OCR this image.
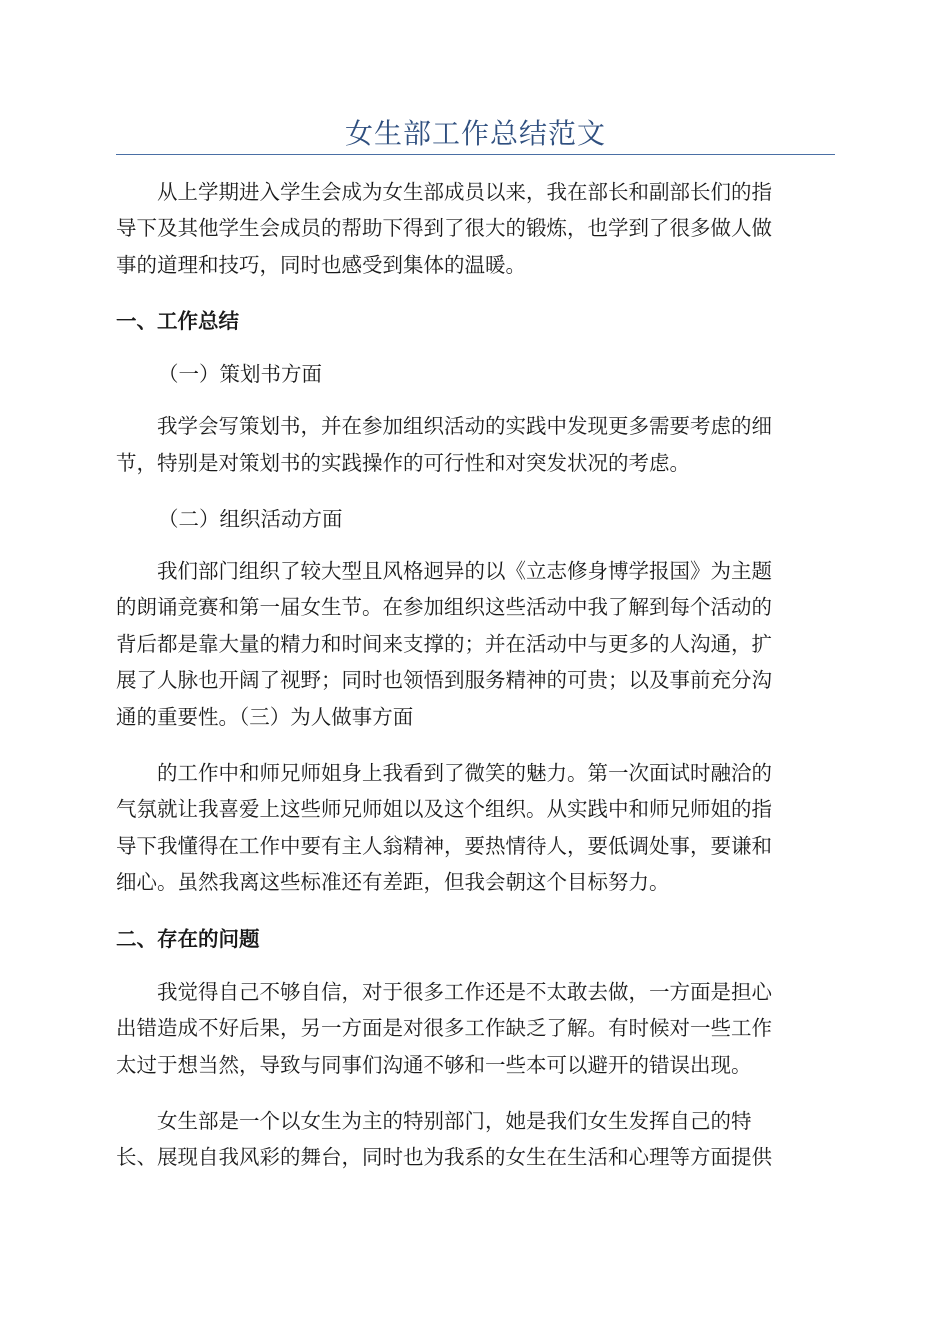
女生部工作总结范文

从上学期进入学生会成为女生部成员以来，我在部长和副部长们的指
导下及其他学生会成员的帮助下得到了很大的锻炼，也学到了很多做人做
事的道理和技巧，同时也感受到集体的温暖。

一、工作总结
（一）策划书方面

我学会写策划书，并在参加组织活动的实践中发现更多需要考虑的细
节，特别是对策划书的实践操作的可行性和对突发状况的考虑。

（二）组织活动方面

我们部门组织了较大型且风格迥异的以《立志修身博学报国》为主题
的朗诵竞赛和第一届女生节。在参加组织这些活动中我了解到每个活动的
背后都是靠大量的精力和时间来支撑的；并在活动中与更多的人沟通，扩
展了人脉也开阔了视野；同时也领悟到服务精神的可贵；以及事前充分沟
通的重要性。（三）为人做事方面

的工作中和师兄师姐身上我看到了微笑的魅力。第一次面试时融洽的
气氛就让我喜爱上这些师兄师姐以及这个组织。从实践中和师兄师姐的指
导下我懂得在工作中要有主人翁精神，要热情待人，要低调处事，要谦和
细心。虽然我离这些标准还有差距，但我会朝这个目标努力。

二、存在的问题

我觉得自己不够自信，对于很多工作还是不太敢去做，一方面是担心
出错造成不好后果，另一方面是对很多工作缺乏了解。有时候对一些工作
太过于想当然，导致与同事们沟通不够和一些本可以避开的错误出现。

女生部是一个以女生为主的特别部门，她是我们女生发挥自己的特
长、展现自我风彩的舞台，同时也为我系的女生在生活和心理等方面提供
